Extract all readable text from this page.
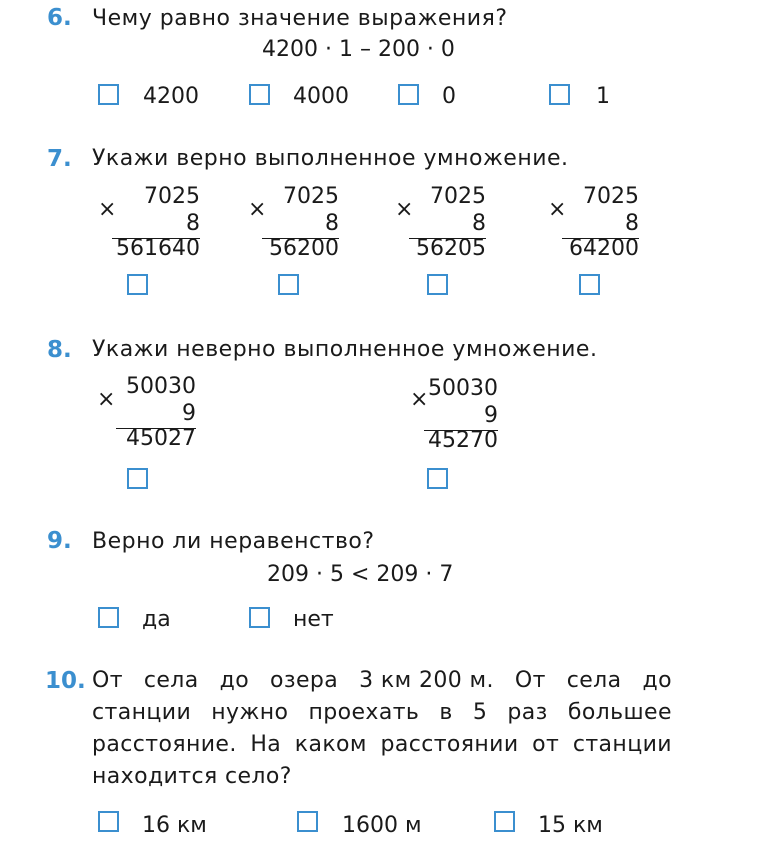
6. Чему равно значение выражения?
4200 · 1 – 200 · 0
4200	4000	0	1
7. Укажи верно выполненное умножение.
×
7025
8
561640
×
7025
8
56200
×
7025
8
56205
×
7025
8
64200
8. Укажи неверно выполненное умножение.
×
50030
9
45027
× 50030
9
45270
9. Верно ли неравенство?
209 · 5 < 209 · 7
да	нет
10. От села до озера 3 км 200 м. От села до
станции нужно проехать в 5 раз большее
расстояние. На каком расстоянии от станции
находится село?
16 км	1600 м	15 км
